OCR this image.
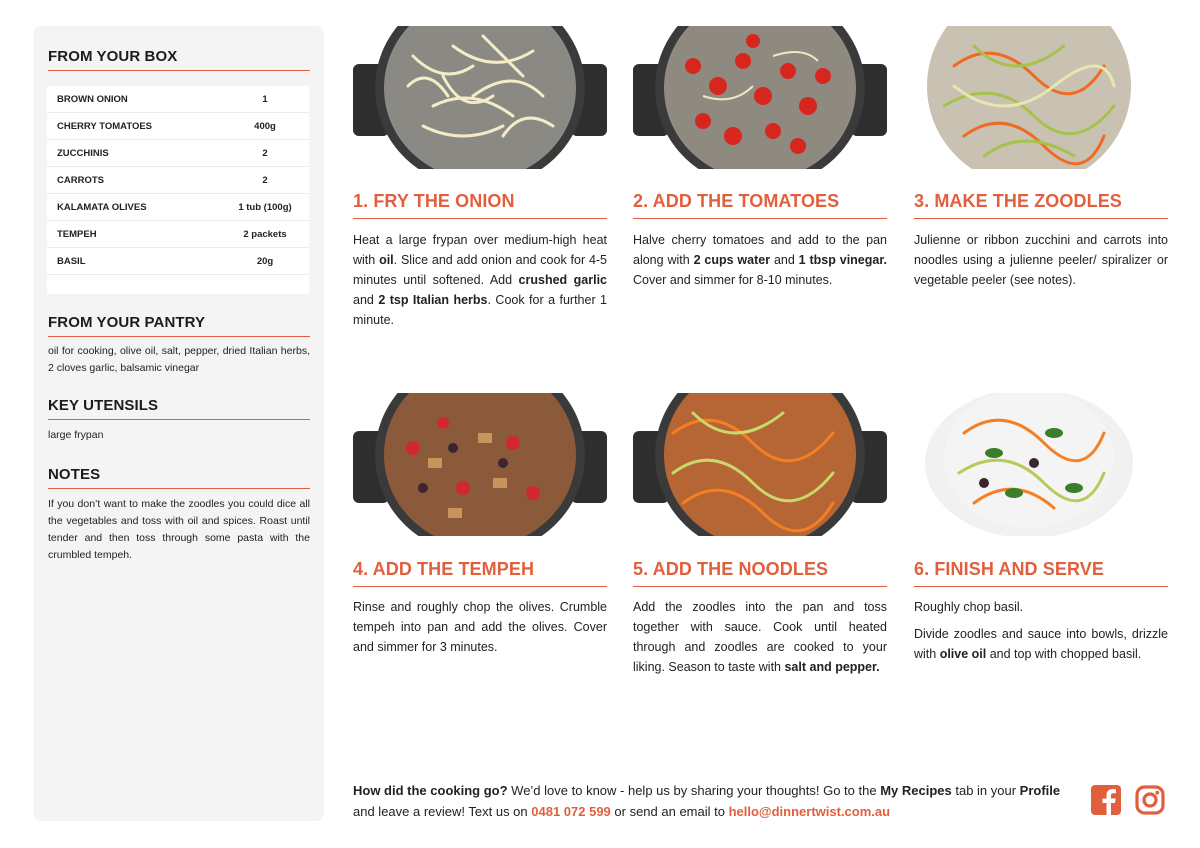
FROM YOUR BOX
BROWN ONION	1
CHERRY TOMATOES	400g
ZUCCHINIS	2
CARROTS	2
KALAMATA OLIVES	1 tub (100g)
TEMPEH	2 packets
BASIL	20g
FROM YOUR PANTRY
oil for cooking, olive oil, salt, pepper, dried Italian herbs, 2 cloves garlic, balsamic vinegar
KEY UTENSILS
large frypan
NOTES
If you don’t want to make the zoodles you could dice all the vegetables and toss with oil and spices. Roast until tender and then toss through some pasta with the crumbled tempeh.
1. FRY THE ONION

Heat a large frypan over medium-high heat with oil. Slice and add onion and cook for 4-5 minutes until softened. Add crushed garlic and 2 tsp Italian herbs. Cook for a further 1 minute.

2. ADD THE TOMATOES

Halve cherry tomatoes and add to the pan along with 2 cups water and 1 tbsp vinegar. Cover and simmer for 8-10 minutes.

3. MAKE THE ZOODLES

Julienne or ribbon zucchini and carrots into noodles using a julienne peeler/ spiralizer or vegetable peeler (see notes).

4. ADD THE TEMPEH

Rinse and roughly chop the olives. Crumble tempeh into pan and add the olives. Cover and simmer for 3 minutes.

5. ADD THE NOODLES

Add the zoodles into the pan and toss together with sauce. Cook until heated through and zoodles are cooked to your liking. Season to taste with salt and pepper.

6. FINISH AND SERVE

Roughly chop basil.

Divide zoodles and sauce into bowls, drizzle with olive oil and top with chopped basil.

How did the cooking go? We’d love to know - help us by sharing your thoughts! Go to the My Recipes tab in your Profile and leave a review! Text us on 0481 072 599 or send an email to hello@dinnertwist.com.au
